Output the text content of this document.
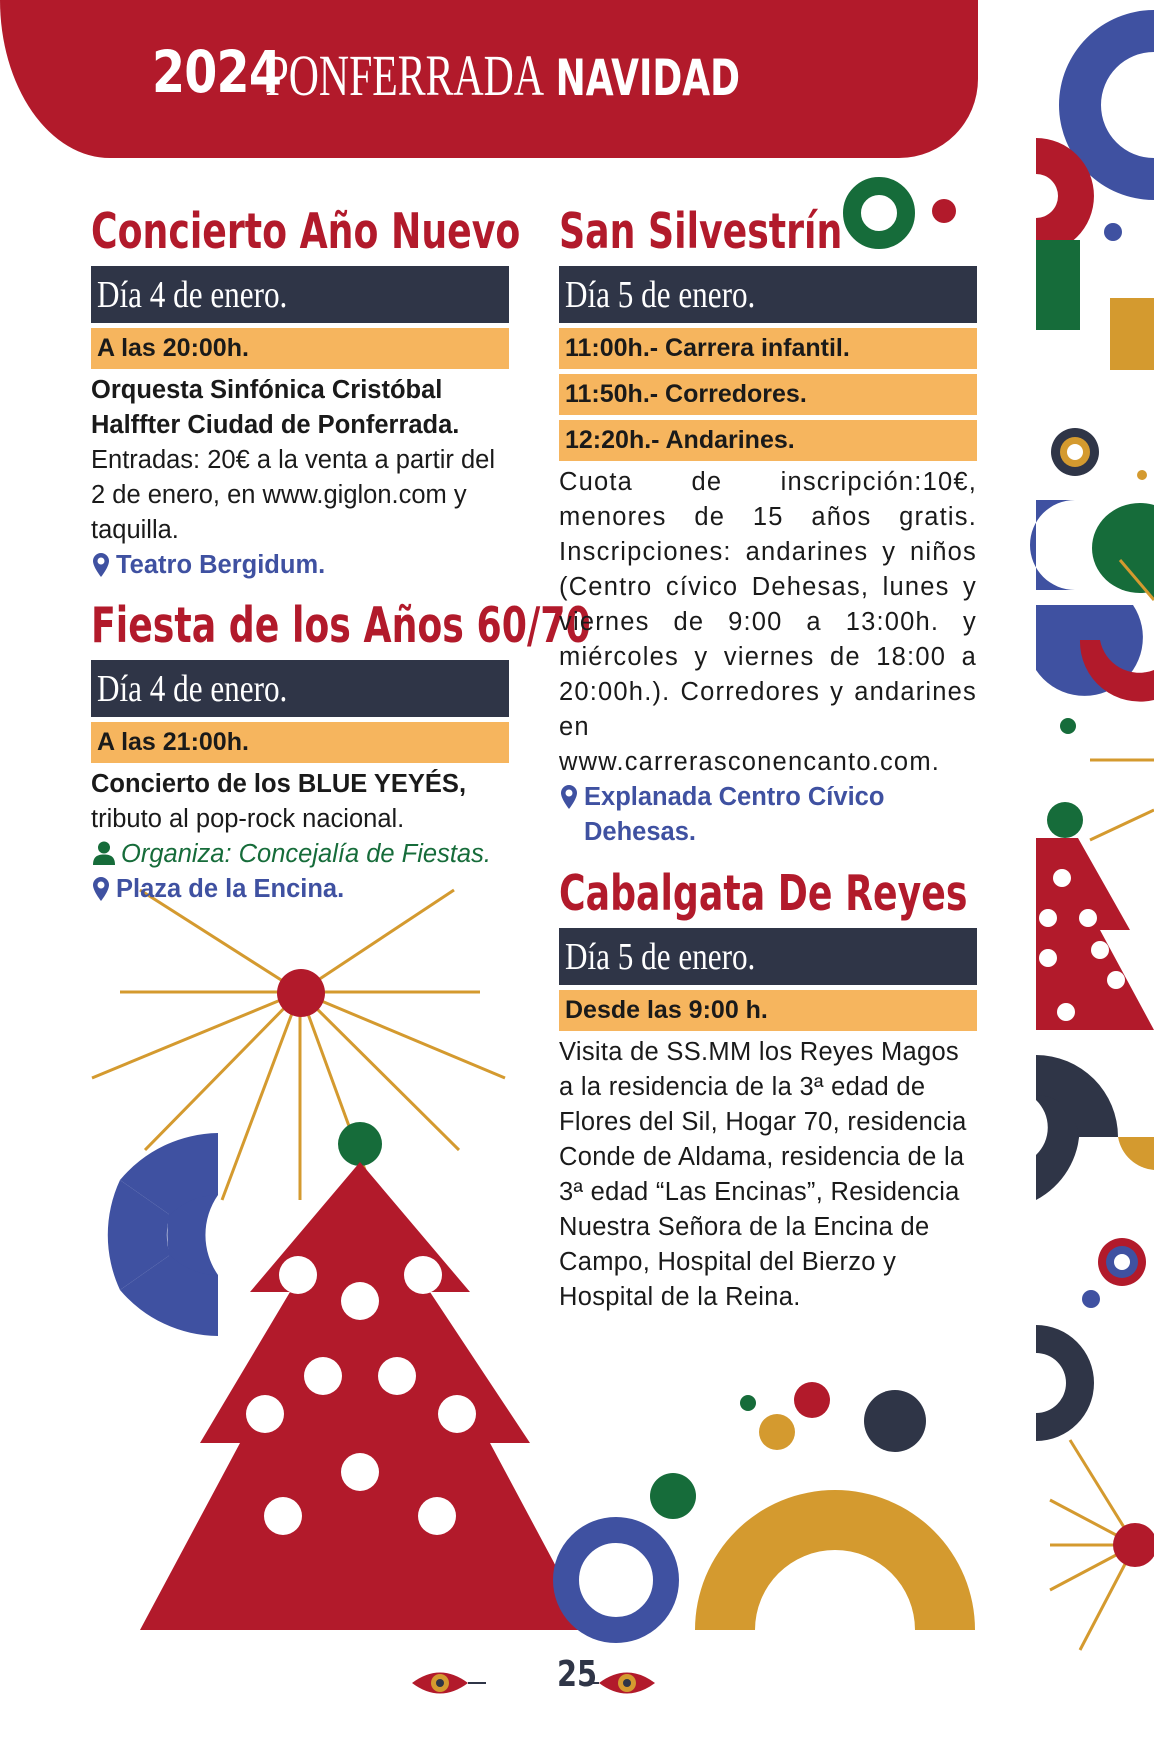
2024
PONFERRADA NAVIDAD
Concierto Año Nuevo
Día 4 de enero.
A las 20:00h.
Orquesta Sinfónica Cristóbal Halffter Ciudad de Ponferrada. Entradas: 20€ a la venta a partir del 2 de enero, en www.giglon.com y taquilla.
Teatro Bergidum.
Fiesta de los Años 60/70
Día 4 de enero.
A las 21:00h.
Concierto de los BLUE YEYÉS, tributo al pop-rock nacional.
Organiza: Concejalía de Fiestas.
Plaza de la Encina.
San Silvestrín
Día 5 de enero.
11:00h.- Carrera infantil.
11:50h.- Corredores.
12:20h.- Andarines.
Cuota de inscripción:10€, menores de 15 años gratis. Inscripciones: andarines y niños (Centro cívico Dehesas, lunes y viernes de 9:00 a 13:00h. y miércoles y viernes de 18:00 a 20:00h.). Corredores y andarines en www.carrerasconencanto.com.
Explanada Centro Cívico Dehesas.
Cabalgata De Reyes
Día 5 de enero.
Desde las 9:00 h.
Visita de SS.MM los Reyes Magos a la residencia de la 3ª edad de Flores del Sil, Hogar 70, residencia Conde de Aldama, residencia de la 3ª edad “Las Encinas”, Residencia Nuestra Señora de la Encina de Campo, Hospital del Bierzo y Hospital de la Reina.
25
